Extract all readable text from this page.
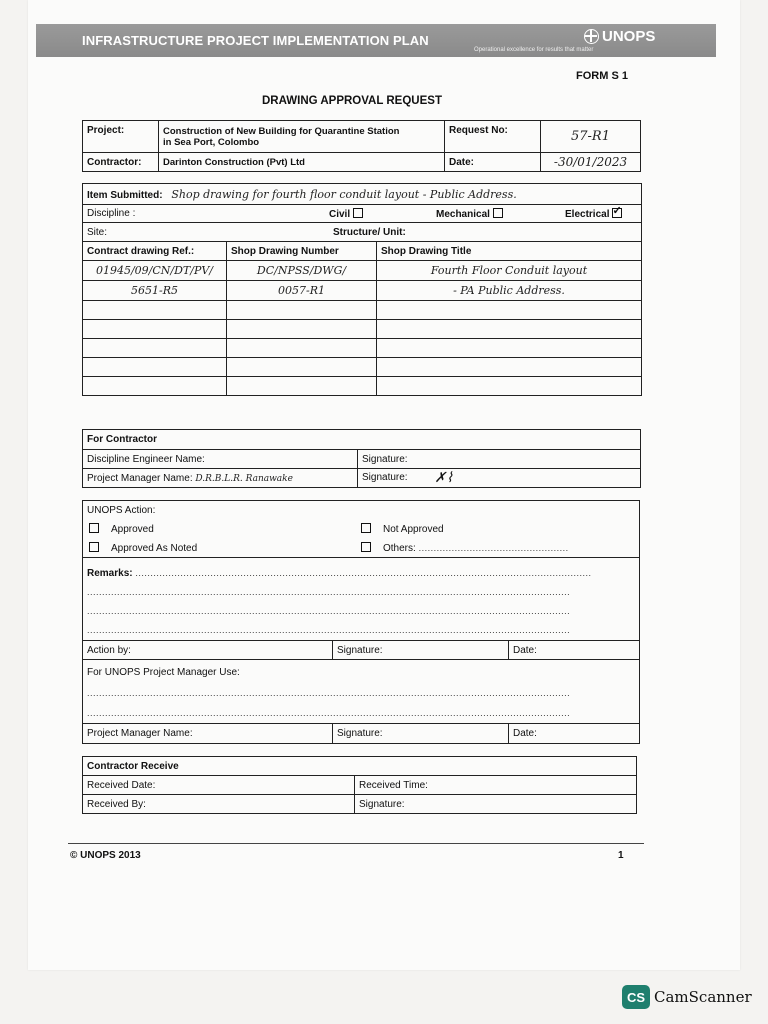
INFRASTRUCTURE PROJECT IMPLEMENTATION PLAN	UNOPS
Operational excellence for results that matter
FORM S 1
DRAWING APPROVAL REQUEST
Project:	Construction of New Building for Quarantine Station
in Sea Port, Colombo	Request No:	57-R1
Contractor:	Darinton Construction (Pvt) Ltd	Date:	-30/01/2023
Item Submitted: Shop drawing for fourth floor conduit layout - Public Address.		
Discipline : Civil Mechanical Electrical✓

Site: Structure/ Unit:		

Contract drawing Ref.:	Shop Drawing Number	Shop Drawing Title
01945/09/CN/DT/PV/	DC/NPSS/DWG/	Fourth Floor Conduit layout
5651-R5	0057-R1	- PA Public Address.

For Contractor	
Discipline Engineer Name:	Signature:
Project Manager Name: D.R.B.L.R. Ranawake	Signature: ✗⌇
UNOPS Action:		

Approved Not Approved		

Approved As Noted Others: ..................................................		

Remarks: ........................................................................................................................................................
.................................................................................................................................................................
.................................................................................................................................................................
.................................................................................................................................................................		

Action by:	Signature:	Date:

For UNOPS Project Manager Use:
.................................................................................................................................................................
.................................................................................................................................................................		

Project Manager Name:	Signature:	Date:
Contractor Receive	
Received Date:	Received Time:
Received By:	Signature:
© UNOPS 2013	1
CS CamScanner
